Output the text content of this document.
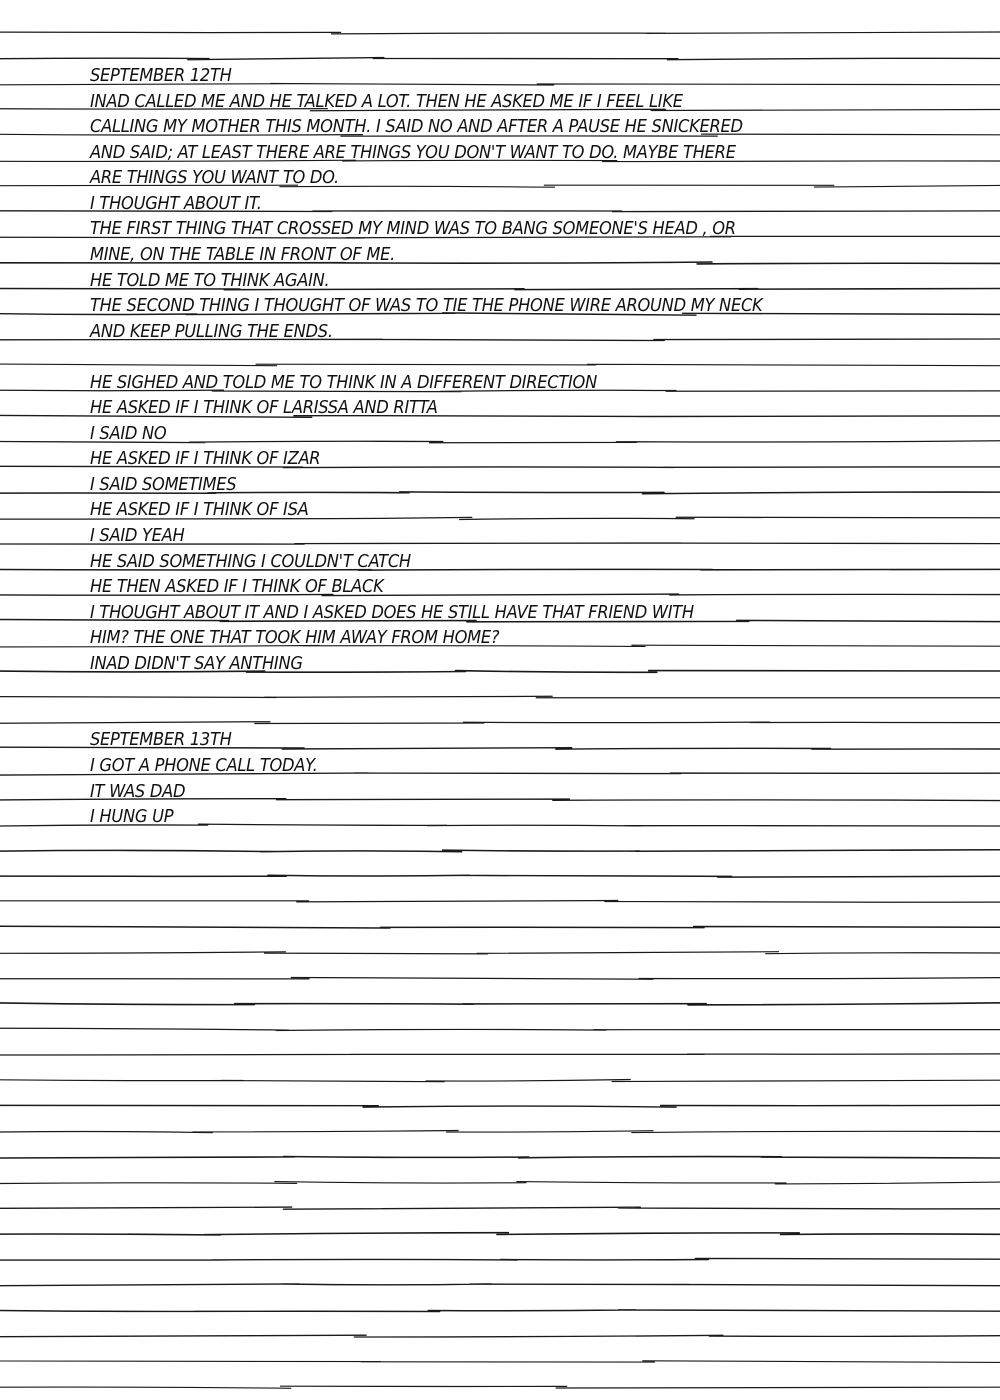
SEPTEMBER 12TH

INAD CALLED ME AND HE TALKED A LOT. THEN HE ASKED ME IF I FEEL LIKE

CALLING MY MOTHER THIS MONTH. I SAID NO AND AFTER A PAUSE HE SNICKERED

AND SAID; AT LEAST THERE ARE THINGS YOU DON'T WANT TO DO. MAYBE THERE

ARE THINGS YOU WANT TO DO.

I THOUGHT ABOUT IT.

THE FIRST THING THAT CROSSED MY MIND WAS TO BANG SOMEONE'S HEAD , OR

MINE, ON THE TABLE IN FRONT OF ME.

HE TOLD ME TO THINK AGAIN.

THE SECOND THING I THOUGHT OF WAS TO TIE THE PHONE WIRE AROUND MY NECK

AND KEEP PULLING THE ENDS.

HE SIGHED AND TOLD ME TO THINK IN A DIFFERENT DIRECTION

HE ASKED IF I THINK OF LARISSA AND RITTA

I SAID NO

HE ASKED IF I THINK OF IZAR

I SAID SOMETIMES

HE ASKED IF I THINK OF ISA

I SAID YEAH

HE SAID SOMETHING I COULDN'T CATCH

HE THEN ASKED IF I THINK OF BLACK

I THOUGHT ABOUT IT AND I ASKED DOES HE STILL HAVE THAT FRIEND WITH

HIM? THE ONE THAT TOOK HIM AWAY FROM HOME?

INAD DIDN'T SAY ANTHING

SEPTEMBER 13TH

I GOT A PHONE CALL TODAY.

IT WAS DAD

I HUNG UP
